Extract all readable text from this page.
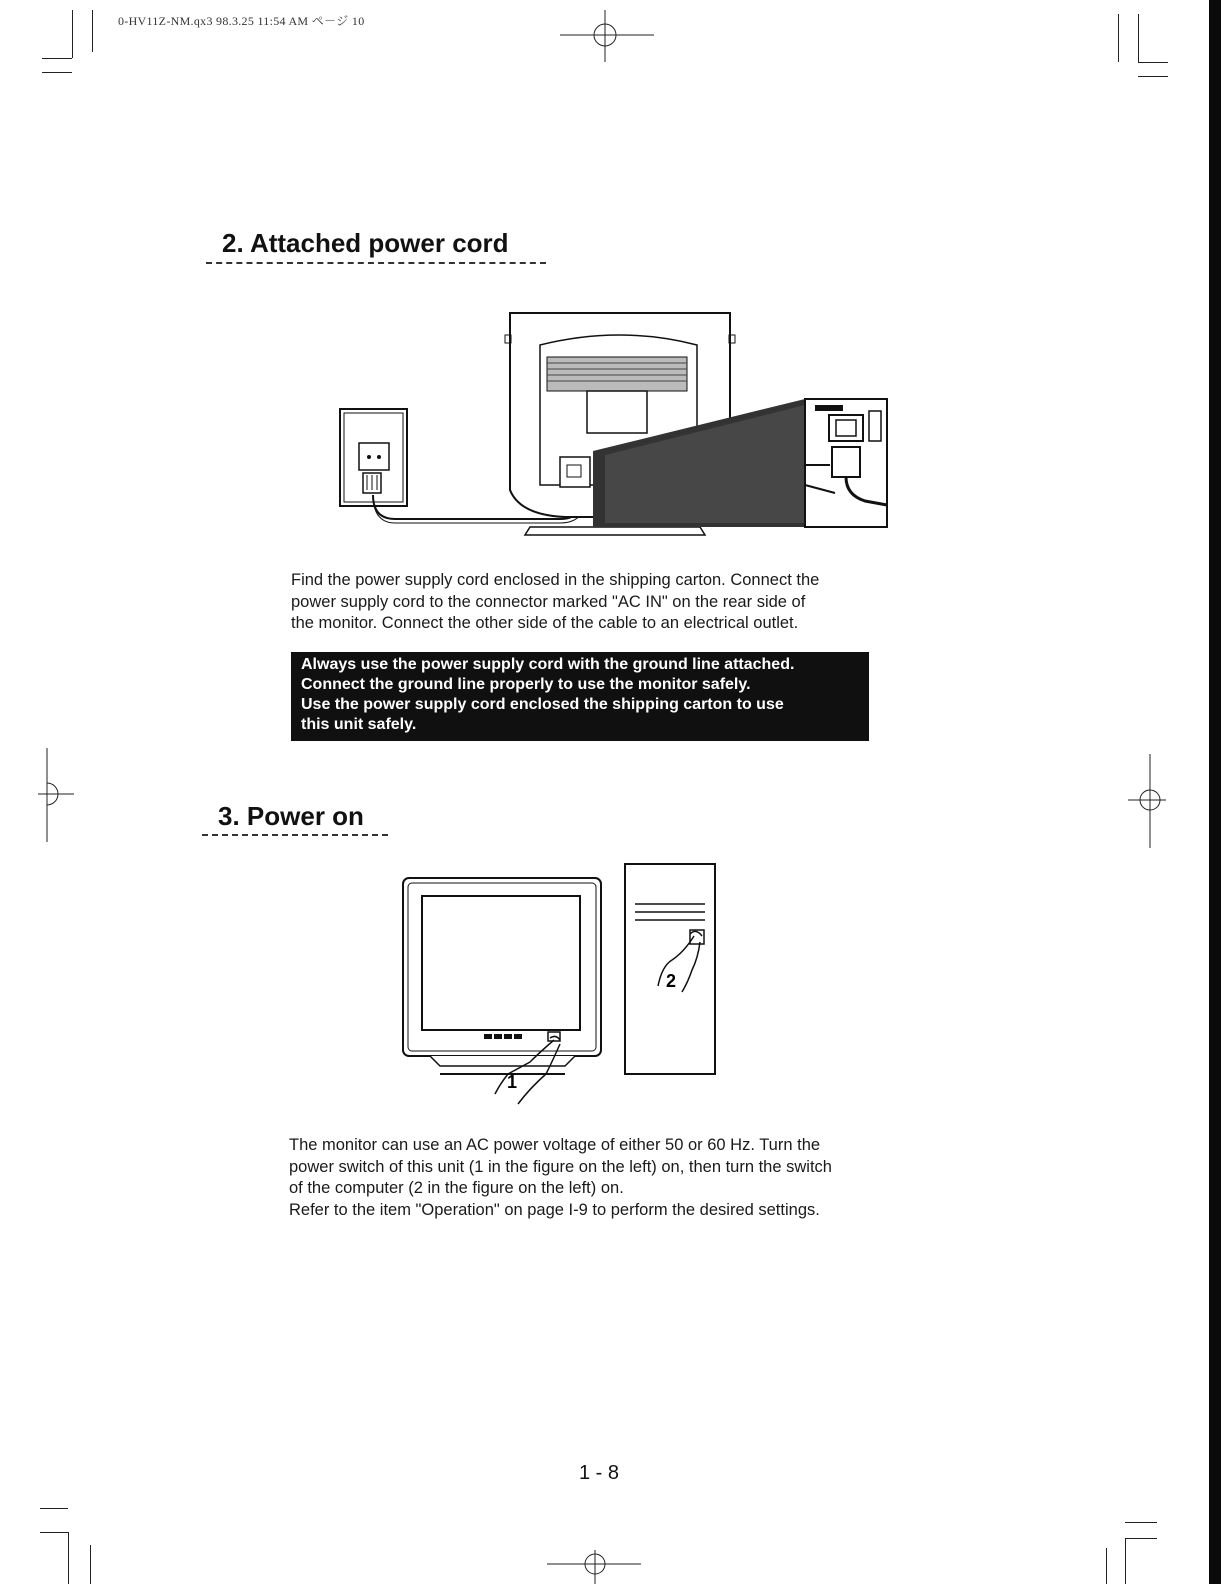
0-HV11Z-NM.qx3 98.3.25 11:54 AM ペ－ジ 10
2. Attached power cord
Find the power supply cord enclosed in the shipping carton. Connect the
power supply cord to the connector marked "AC IN" on the rear side of
the monitor. Connect the other side of the cable to an electrical outlet.
Always use the power supply cord with the ground line attached.
Connect the ground line properly to use the monitor safely.
Use the power supply cord enclosed the shipping carton to use
this unit safely.
3. Power on
1
2
The monitor can use an AC power voltage of either 50 or 60 Hz. Turn the
power switch of this unit (1 in the figure on the left) on, then turn the switch
of the computer (2 in the figure on the left) on.
Refer to the item "Operation" on page I-9 to perform the desired settings.
1 - 8
